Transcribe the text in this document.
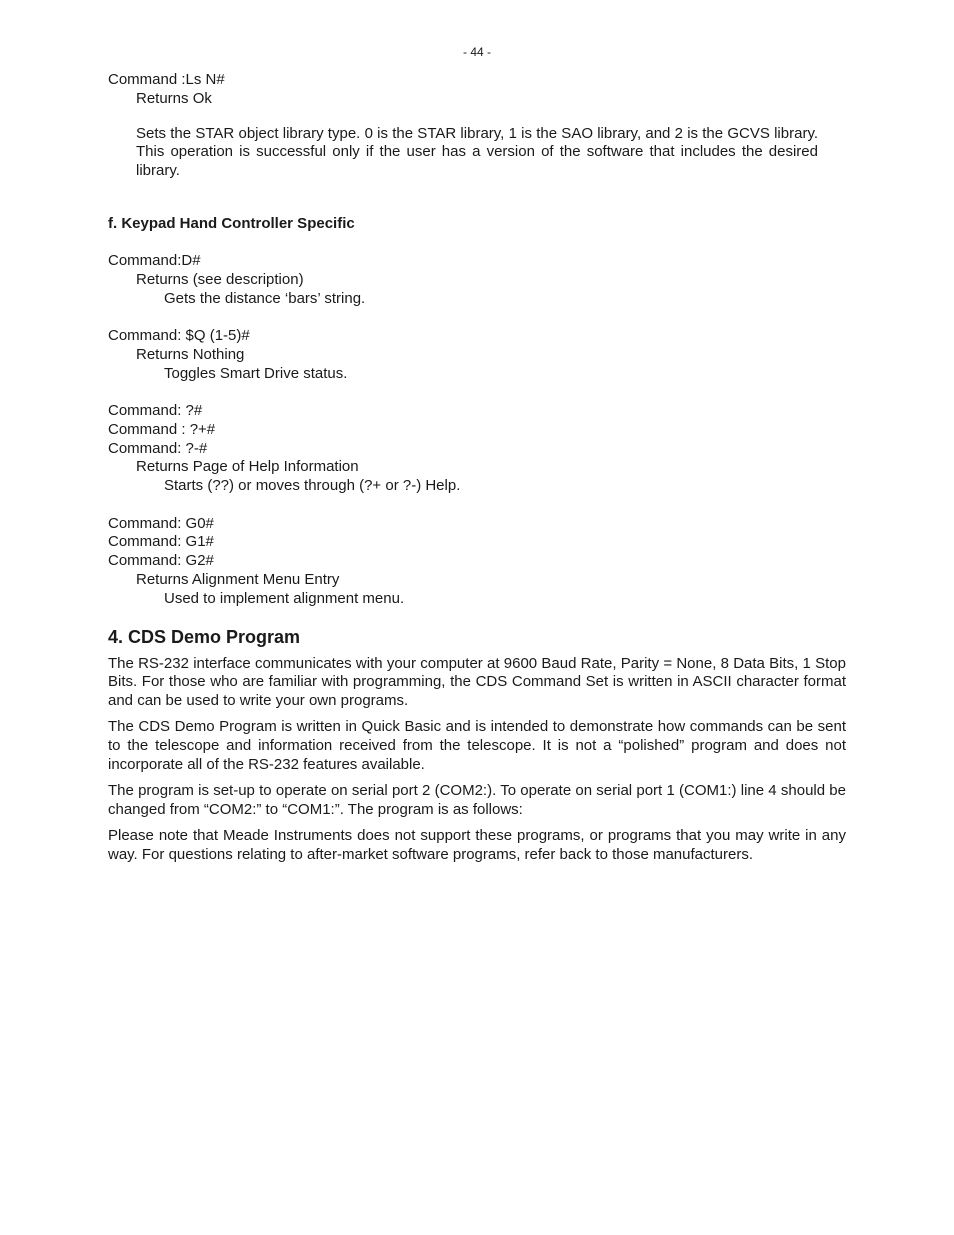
- 44 -
Command :Ls N#
Returns Ok
Sets the STAR object library type. 0 is the STAR library, 1 is the SAO library, and 2 is the GCVS library. This operation is successful only if the user has a version of the software that includes the desired library.
f. Keypad Hand Controller Specific
Command:D#
Returns (see description)
Gets the distance ‘bars’ string.
Command: $Q (1-5)#
Returns Nothing
Toggles Smart Drive status.
Command: ?#
Command : ?+#
Command: ?-#
Returns Page of Help Information
Starts (??) or moves through (?+ or ?-) Help.
Command: G0#
Command: G1#
Command: G2#
Returns Alignment Menu Entry
Used to implement alignment menu.
4. CDS Demo Program
The RS-232 interface communicates with your computer at 9600 Baud Rate, Parity = None, 8 Data Bits, 1 Stop Bits. For those who are familiar with programming, the CDS Command Set is written in ASCII character format and can be used to write your own programs.
The CDS Demo Program is written in Quick Basic and is intended to demonstrate how commands can be sent to the telescope and information received from the telescope. It is not a “polished” program and does not incorporate all of the RS-232 features available.
The program is set-up to operate on serial port 2 (COM2:). To operate on serial port 1 (COM1:) line 4 should be changed from “COM2:” to “COM1:”. The program is as follows:
Please note that Meade Instruments does not support these programs, or programs that you may write in any way. For questions relating to after-market software programs, refer back to those manufacturers.
